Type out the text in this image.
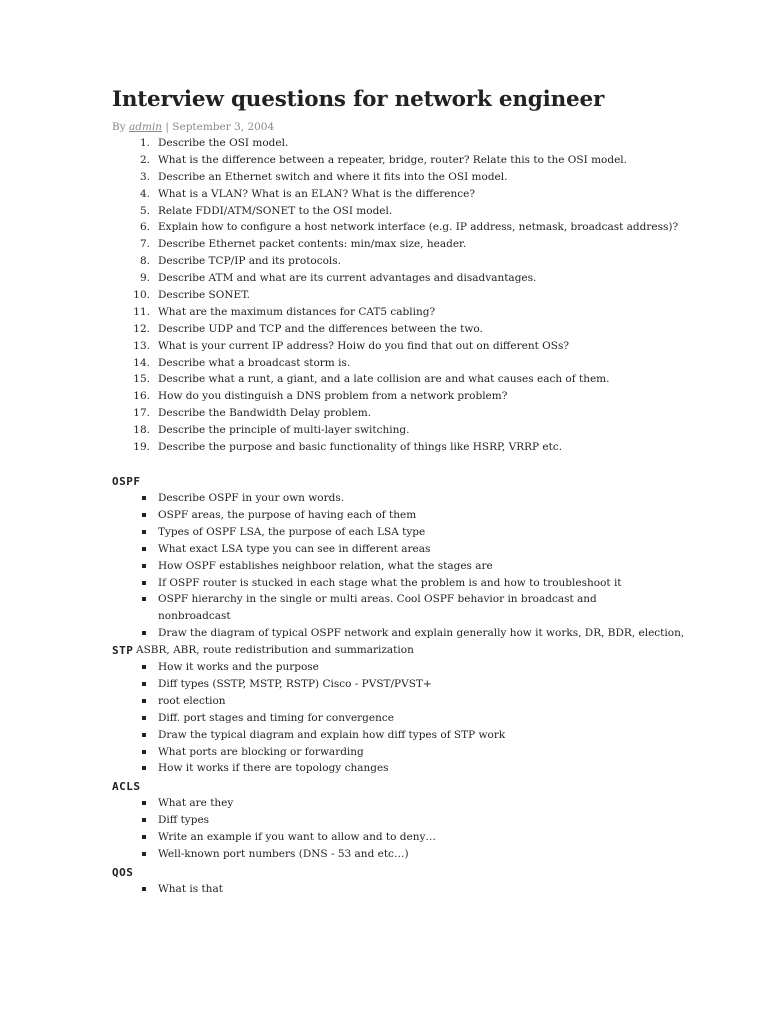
Interview questions for network engineer
By admin | September 3, 2004
1. Describe the OSI model.
2. What is the difference between a repeater, bridge, router? Relate this to the OSI model.
3. Describe an Ethernet switch and where it fits into the OSI model.
4. What is a VLAN? What is an ELAN? What is the difference?
5. Relate FDDI/ATM/SONET to the OSI model.
6. Explain how to configure a host network interface (e.g. IP address, netmask, broadcast address)?
7. Describe Ethernet packet contents: min/max size, header.
8. Describe TCP/IP and its protocols.
9. Describe ATM and what are its current advantages and disadvantages.
10. Describe SONET.
11. What are the maximum distances for CAT5 cabling?
12. Describe UDP and TCP and the differences between the two.
13. What is your current IP address? Hoiw do you find that out on different OSs?
14. Describe what a broadcast storm is.
15. Describe what a runt, a giant, and a late collision are and what causes each of them.
16. How do you distinguish a DNS problem from a network problem?
17. Describe the Bandwidth Delay problem.
18. Describe the principle of multi-layer switching.
19. Describe the purpose and basic functionality of things like HSRP, VRRP etc.
OSPF
Describe OSPF in your own words.
OSPF areas, the purpose of having each of them
Types of OSPF LSA, the purpose of each LSA type
What exact LSA type you can see in different areas
How OSPF establishes neighboor relation, what the stages are
If OSPF router is stucked in each stage what the problem is and how to troubleshoot it
OSPF hierarchy in the single or multi areas. Cool OSPF behavior in broadcast and nonbroadcast
Draw the diagram of typical OSPF network and explain generally how it works, DR, BDR, election,
ASBR, ABR, route redistribution and summarization
STP
How it works and the purpose
Diff types (SSTP, MSTP, RSTP) Cisco - PVST/PVST+
root election
Diff. port stages and timing for convergence
Draw the typical diagram and explain how diff types of STP work
What ports are blocking or forwarding
How it works if there are topology changes
ACLS
What are they
Diff types
Write an example if you want to allow and to deny…
Well-known port numbers (DNS - 53 and etc…)
QOS
What is that
